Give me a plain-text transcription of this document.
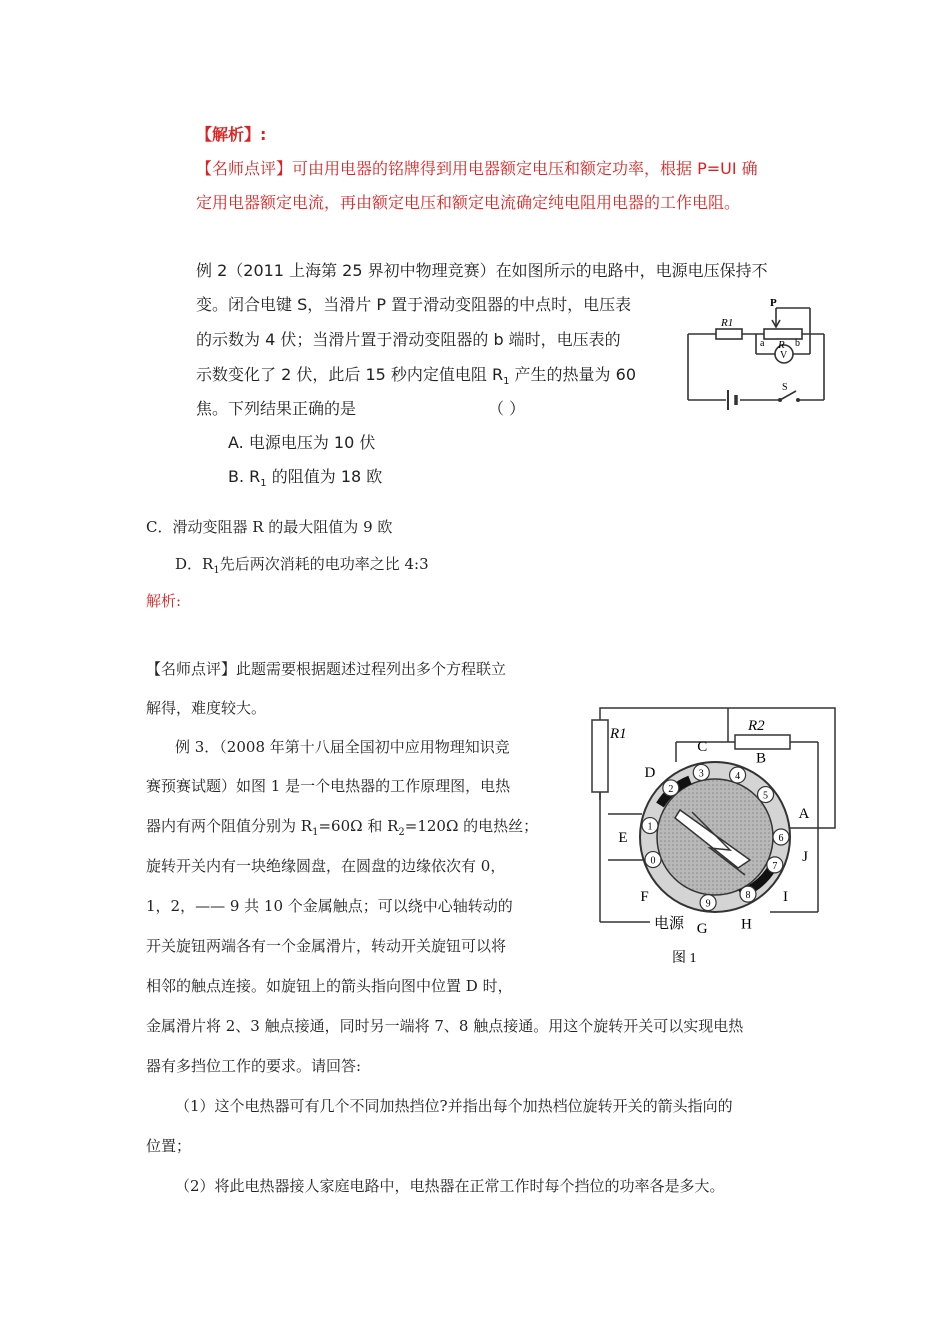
【解析】:
【名师点评】可由用电器的铭牌得到用电器额定电压和额定功率，根据 P=UI 确
定用电器额定电流，再由额定电压和额定电流确定纯电阻用电器的工作电阻。
例 2（2011 上海第 25 界初中物理竞赛）在如图所示的电路中，电源电压保持不
变。闭合电键 S，当滑片 P 置于滑动变阻器的中点时，电压表
的示数为 4 伏；当滑片置于滑动变阻器的 b 端时，电压表的
示数变化了 2 伏，此后 15 秒内定值电阻 $R_1$ 产生的热量为 60
焦。下列结果正确的是	（ ）
A. 电源电压为 10 伏
B. $R_1$ 的阻值为 18 欧
C．滑动变阻器 R 的最大阻值为 9 欧
D．$R_1$先后两次消耗的电功率之比 4:3
解析:
【名师点评】此题需要根据题述过程列出多个方程联立
解得，难度较大。
R1
P
R
a	b
V
S
例 3．（2008 年第十八届全国初中应用物理知识竞
赛预赛试题）如图 1 是一个电热器的工作原理图，电热
器内有两个阻值分别为 $R_1=60\Omega$ 和 $R_2=120\Omega$ 的电热丝；
旋转开关内有一块绝缘圆盘，在圆盘的边缘依次有 0，
1，2，—— 9 共 10 个金属触点；可以绕中心轴转动的
开关旋钮两端各有一个金属滑片，转动开关旋钮可以将
相邻的触点连接。如旋钮上的箭头指向图中位置 D 时，
金属滑片将 2、3 触点接通，同时另一端将 7、8 触点接通。用这个旋转开关可以实现电热
器有多挡位工作的要求。请回答:
（1）这个电热器可有几个不同加热挡位?并指出每个加热档位旋转开关的箭头指向的
位置；
（2）将此电热器接人家庭电路中，电热器在正常工作时每个挡位的功率各是多大。
0
1
2
3	4
5
6
7
8
9
A
B
C
D
E
F
G H
I
J
R1	R2
电源
图 1
